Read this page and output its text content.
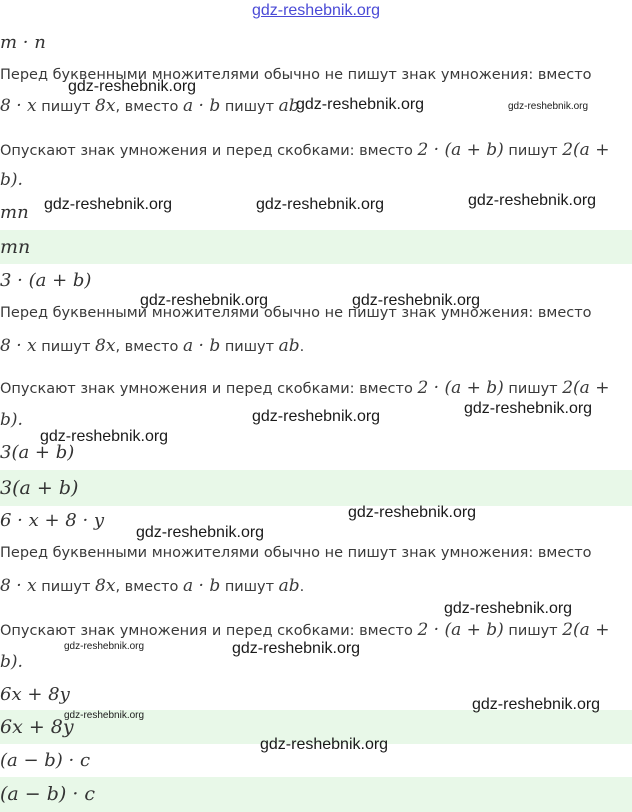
gdz-reshebnik.org
m · n
Перед буквенными множителями обычно не пишут знак умножения: вместо
8 · x пишут 8x, вместо a · b пишут ab
Опускают знак умножения и перед скобками: вместо 2 · (a + b) пишут 2(a +
b).
mn
mn
3 · (a + b)
Перед буквенными множителями обычно не пишут знак умножения: вместо
8 · x пишут 8x, вместо a · b пишут ab.
Опускают знак умножения и перед скобками: вместо 2 · (a + b) пишут 2(a +
b).
3(a + b)
3(a + b)
6 · x + 8 · y
Перед буквенными множителями обычно не пишут знак умножения: вместо
8 · x пишут 8x, вместо a · b пишут ab.
Опускают знак умножения и перед скобками: вместо 2 · (a + b) пишут 2(a +
b).
6x + 8y
6x + 8y
(a − b) · c
(a − b) · c
gdz-reshebnik.org
gdz-reshebnik.org	gdz-reshebnik.org
gdz-reshebnik.org	gdz-reshebnik.org	gdz-reshebnik.org
gdz-reshebnik.org	gdz-reshebnik.org
gdz-reshebnik.org	gdz-reshebnik.org
gdz-reshebnik.org
gdz-reshebnik.org
gdz-reshebnik.org
gdz-reshebnik.org
gdz-reshebnik.org	gdz-reshebnik.org
gdz-reshebnik.org
gdz-reshebnik.org
gdz-reshebnik.org
